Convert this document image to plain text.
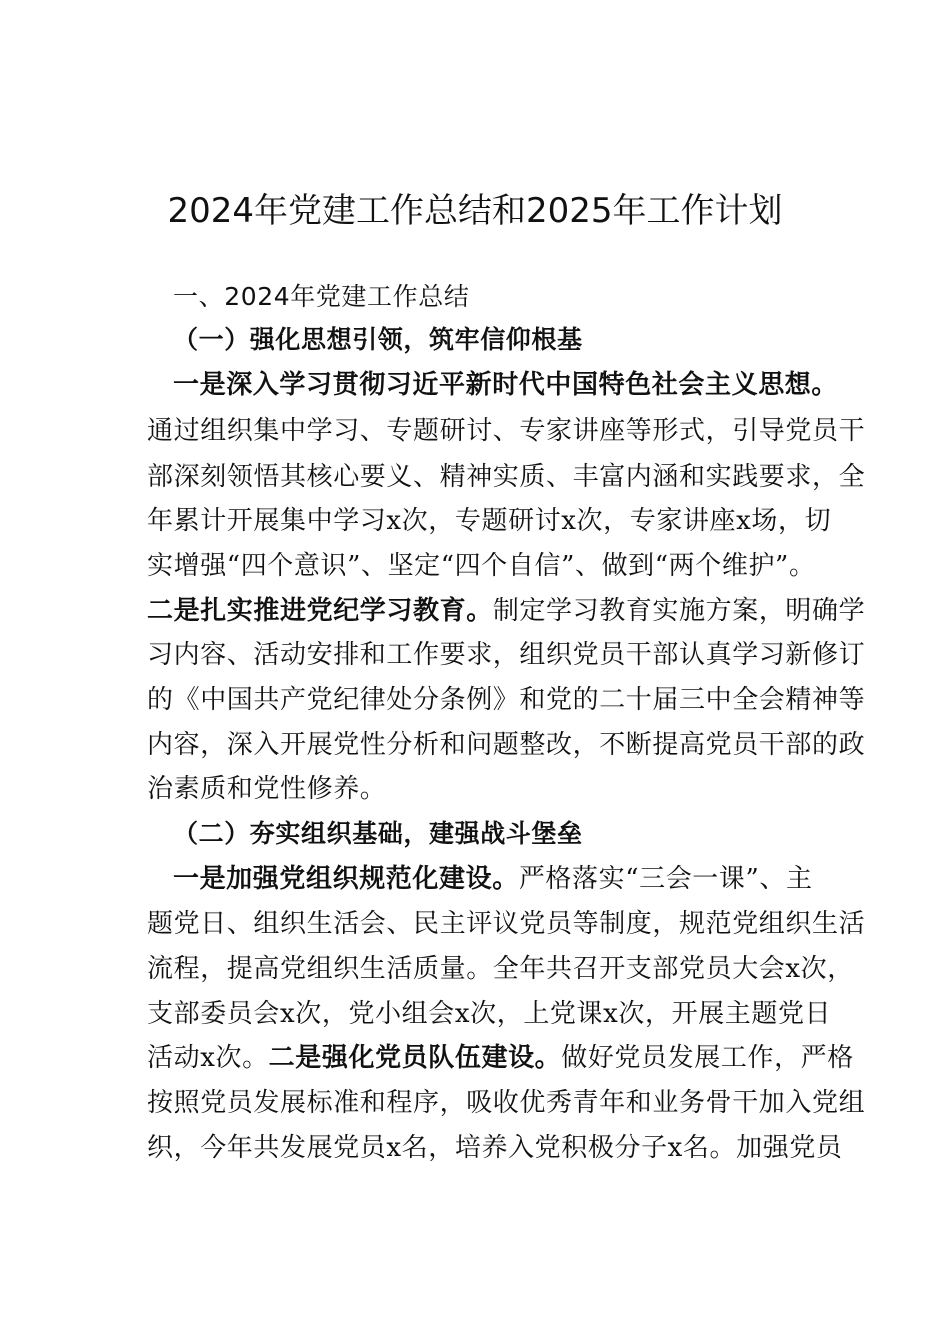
2024年党建工作总结和2025年工作计划
一、2024年党建工作总结
（一）强化思想引领，筑牢信仰根基
一是深入学习贯彻习近平新时代中国特色社会主义思想。
通过组织集中学习、专题研讨、专家讲座等形式，引导党员干
部深刻领悟其核心要义、精神实质、丰富内涵和实践要求，全
年累计开展集中学习x次，专题研讨x次，专家讲座x场，切
实增强“四个意识”、坚定“四个自信”、做到“两个维护”。
二是扎实推进党纪学习教育。制定学习教育实施方案，明确学
习内容、活动安排和工作要求，组织党员干部认真学习新修订
的《中国共产党纪律处分条例》和党的二十届三中全会精神等
内容，深入开展党性分析和问题整改，不断提高党员干部的政
治素质和党性修养。
（二）夯实组织基础，建强战斗堡垒
一是加强党组织规范化建设。严格落实“三会一课”、主
题党日、组织生活会、民主评议党员等制度，规范党组织生活
流程，提高党组织生活质量。全年共召开支部党员大会x次，
支部委员会x次，党小组会x次，上党课x次，开展主题党日
活动x次。二是强化党员队伍建设。做好党员发展工作，严格
按照党员发展标准和程序，吸收优秀青年和业务骨干加入党组
织，今年共发展党员x名，培养入党积极分子x名。加强党员
